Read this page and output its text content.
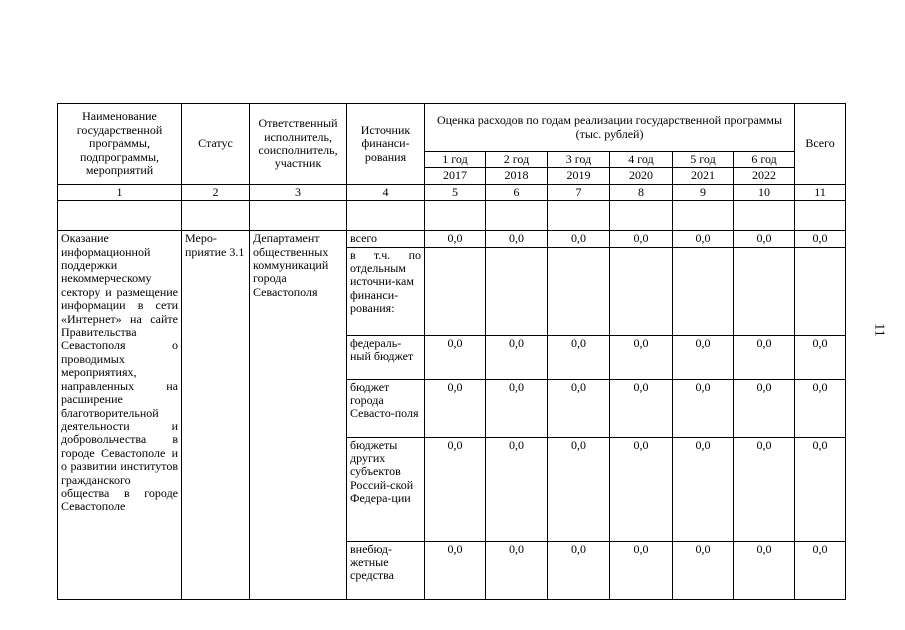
11
Наименование государственной программы, подпрограммы, мероприятий	Статус	Ответственный исполнитель, соисполнитель, участник	Источник финанси-рования	Оценка расходов по годам реализации государственной программы (тыс. рублей)						Всего
				1 год	2 год	3 год	4 год	5 год	6 год	
				2017	2018	2019	2020	2021	2022	
1	2	3	4	5	6	7	8	9	10	11

Оказание информационной поддержки некоммерческому сектору и размещение информации в сети «Интернет» на сайте Правительства Севастополя о проводимых мероприятиях, направленных на расширение благотворительной деятельности и добровольчества в городе Севастополе и о развитии институтов гражданского общества в городе Севастополе	Меро-приятие 3.1	Департамент общественных коммуникаций города Севастополя	всего	0,0	0,0	0,0	0,0	0,0	0,0	0,0
			в т.ч. по отдельным источни-кам финанси-рования:							
			федераль-ный бюджет	0,0	0,0	0,0	0,0	0,0	0,0	0,0
			бюджет города Севасто-поля	0,0	0,0	0,0	0,0	0,0	0,0	0,0
			бюджеты других субъектов Россий-ской Федера-ции	0,0	0,0	0,0	0,0	0,0	0,0	0,0
			внебюд-жетные средства	0,0	0,0	0,0	0,0	0,0	0,0	0,0
